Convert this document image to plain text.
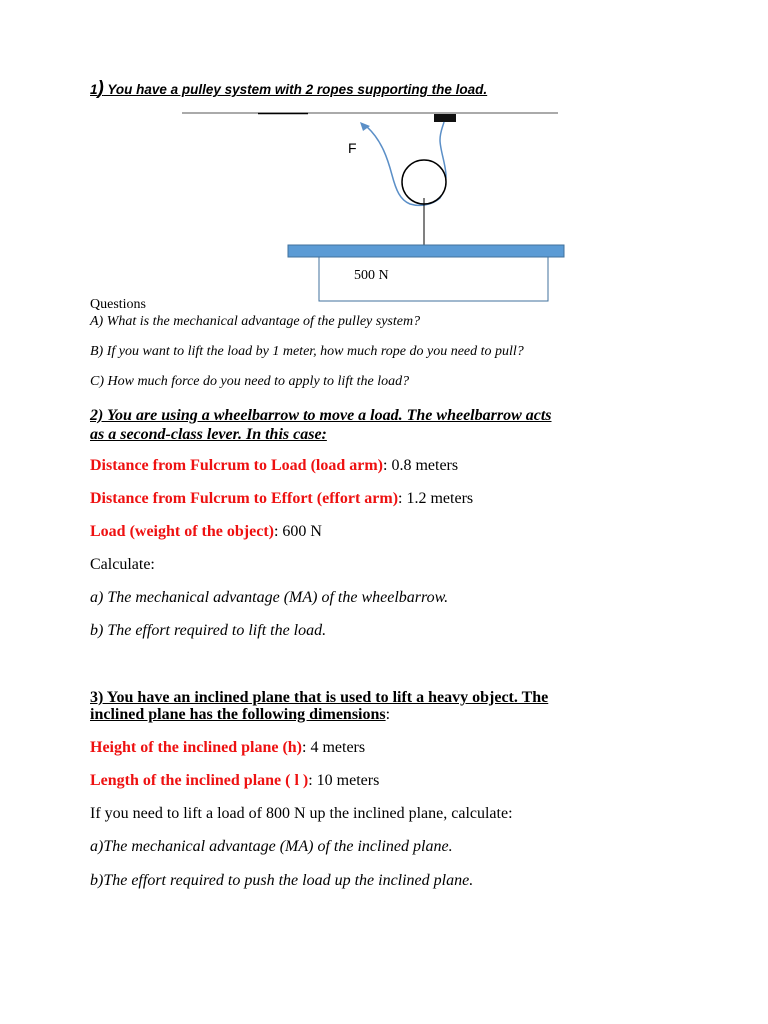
1) You have a pulley system with 2 ropes supporting the load.
F
500 N
Questions
A) What is the mechanical advantage of the pulley system?
B) If you want to lift the load by 1 meter, how much rope do you need to pull?
C) How much force do you need to apply to lift the load?
2) You are using a wheelbarrow to move a load. The wheelbarrow acts
as a second-class lever. In this case:
Distance from Fulcrum to Load (load arm): 0.8 meters
Distance from Fulcrum to Effort (effort arm): 1.2 meters
Load (weight of the object): 600 N
Calculate:
a) The mechanical advantage (MA) of the wheelbarrow.
b) The effort required to lift the load.
3) You have an inclined plane that is used to lift a heavy object. The
inclined plane has the following dimensions:
Height of the inclined plane (h): 4 meters
Length of the inclined plane ( l ): 10 meters
If you need to lift a load of 800 N up the inclined plane, calculate:
a)The mechanical advantage (MA) of the inclined plane.
b)The effort required to push the load up the inclined plane.
